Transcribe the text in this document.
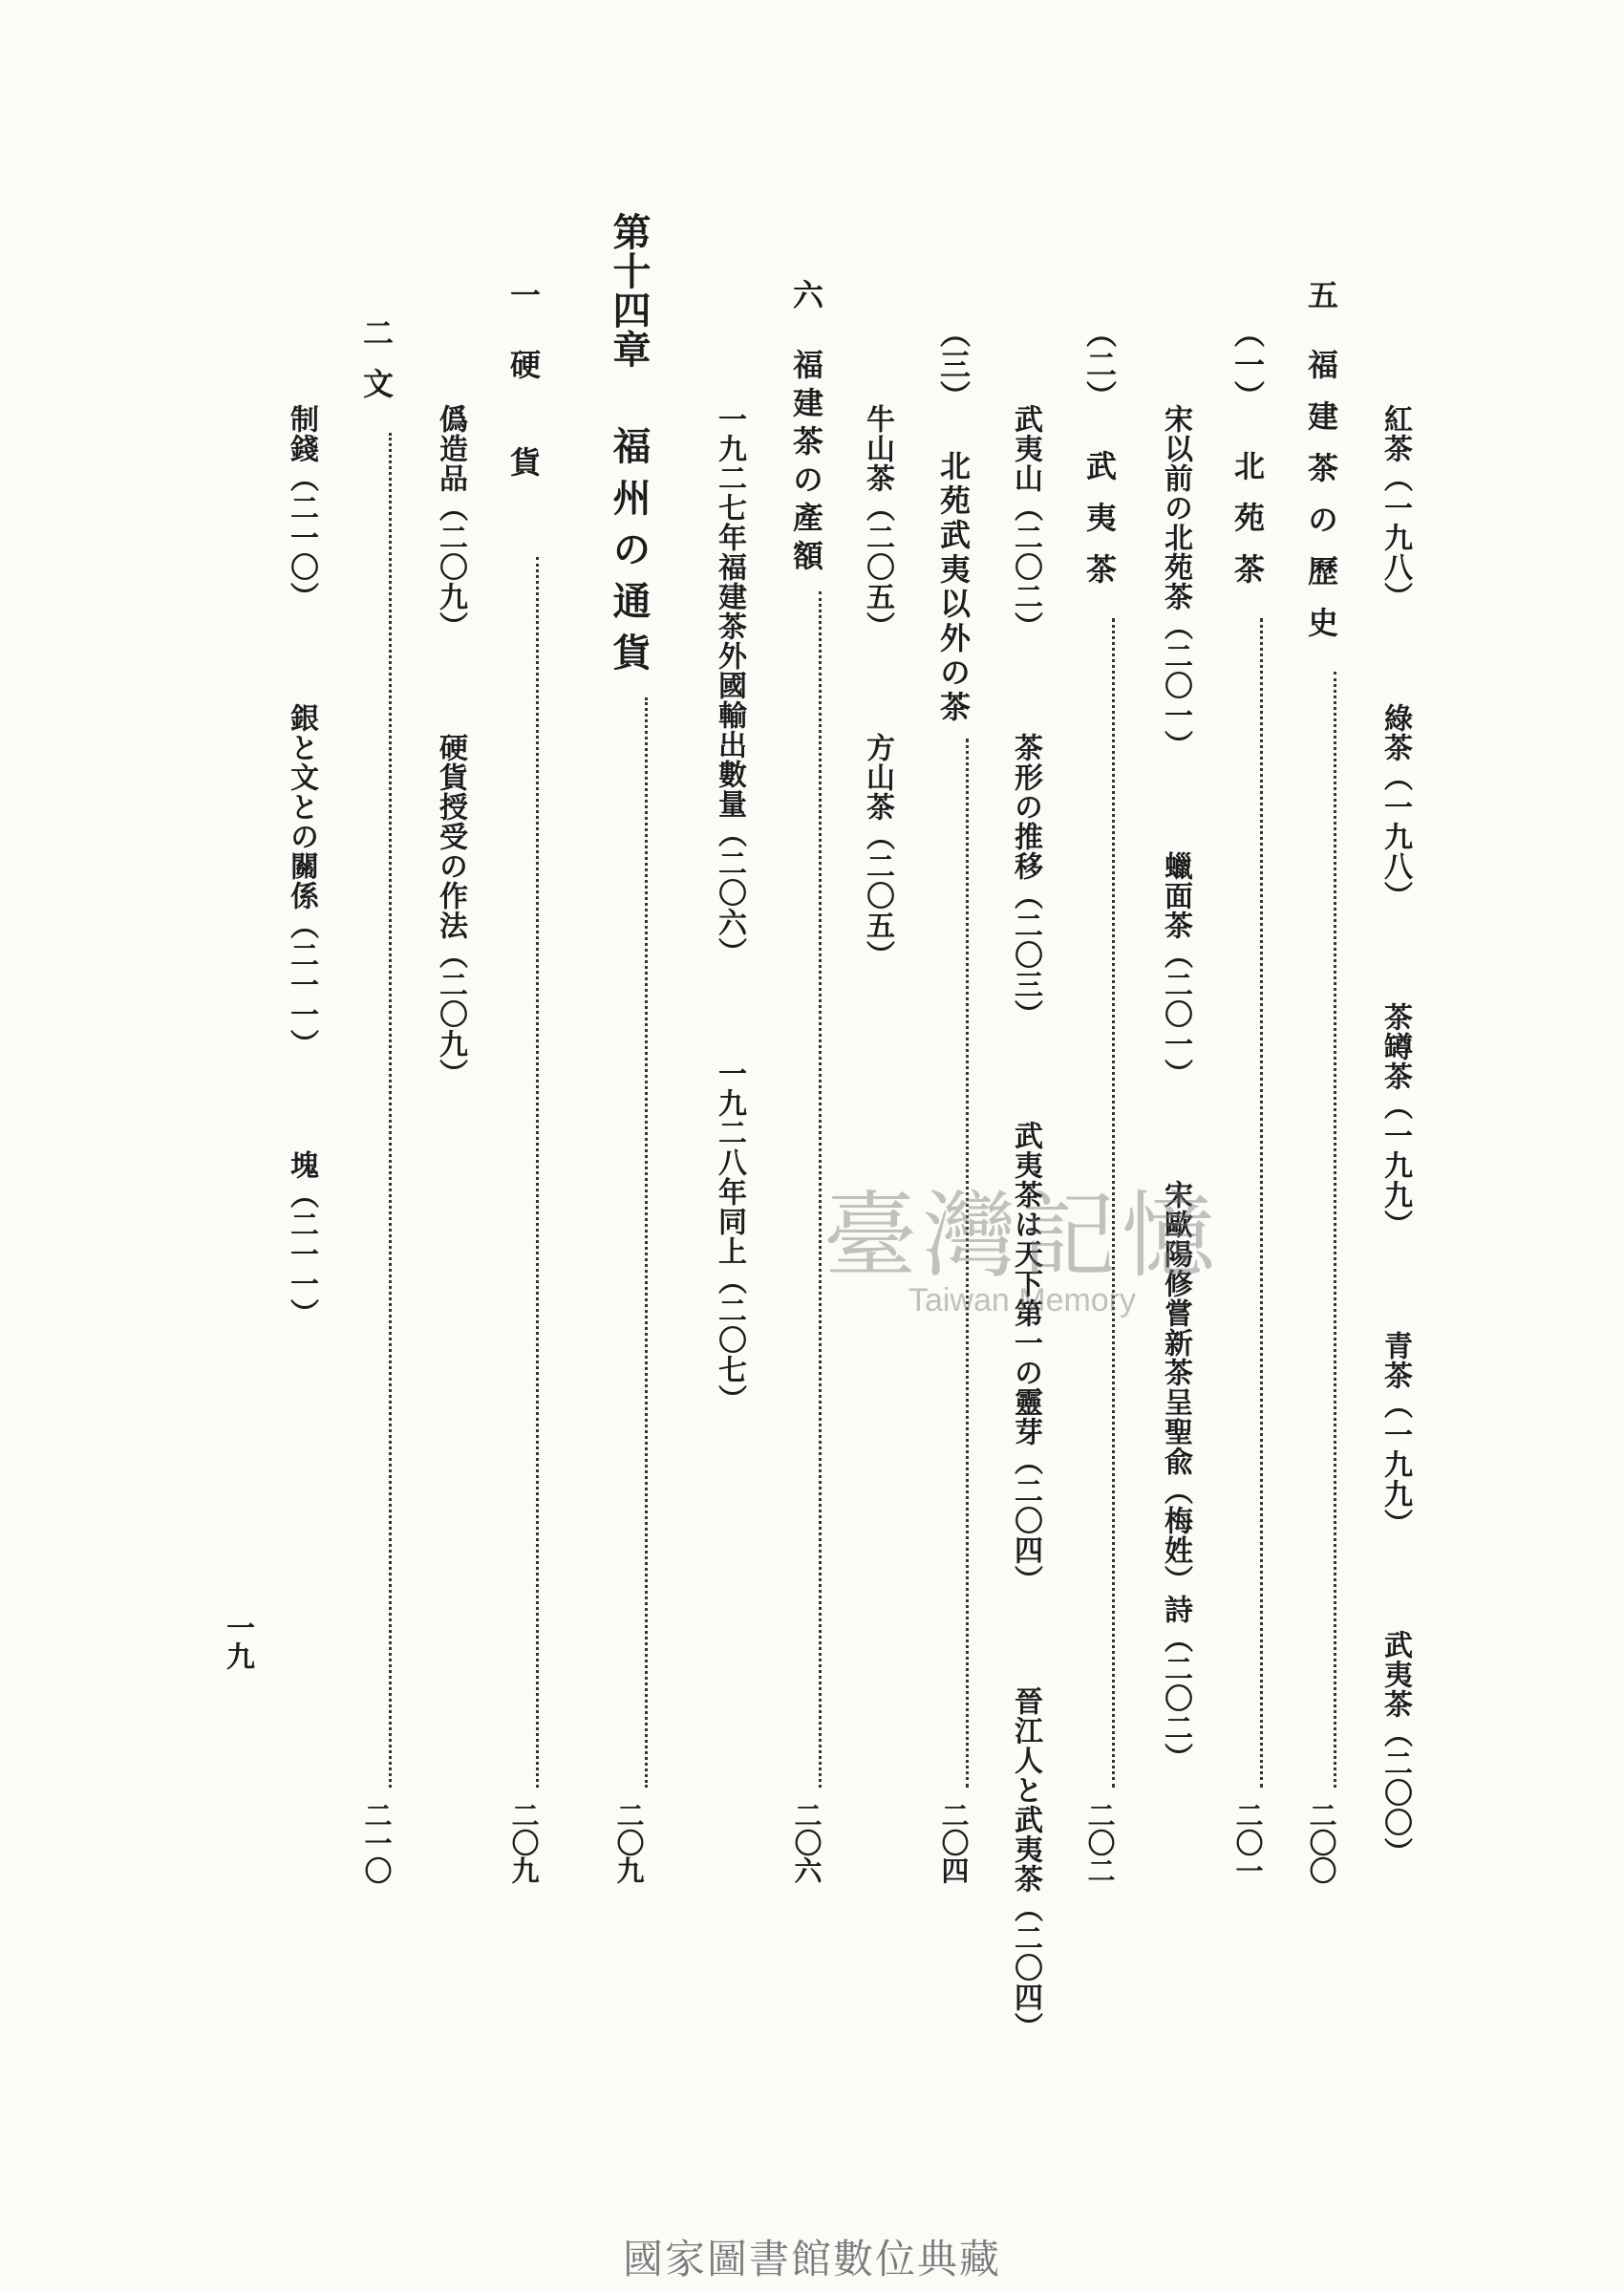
紅茶（一九八） 綠茶（一九八） 茶罇茶（一九九） 青茶（一九九） 武夷茶（二〇〇）
五
福建茶の歷史
二〇〇
（一）
北苑茶
二〇一
宋以前の北苑茶（二〇一） 蠟面茶（二〇一） 宋歐陽修嘗新茶呈聖兪（梅姓）詩（二〇二）
（二）
武夷茶
二〇二
武夷山（二〇二） 茶形の推移（二〇三） 武夷茶は天下第一の靈芽（二〇四） 晉江人と武夷茶（二〇四）
（三）
北苑武夷以外の茶
二〇四
牛山茶（二〇五） 方山茶（二〇五）
六
福建茶の產額
二〇六
一九二七年福建茶外國輸出數量（二〇六） 一九二八年同上（二〇七）
第十四章
福州の通貨
二〇九
一
硬貨
二〇九
僞造品（二〇九） 硬貨授受の作法（二〇九）
二
文
二一〇
制錢（二一〇） 銀と文との關係（二一一） 塊（二一一）
一九
臺灣記憶
Taiwan Memory
國家圖書館數位典藏
